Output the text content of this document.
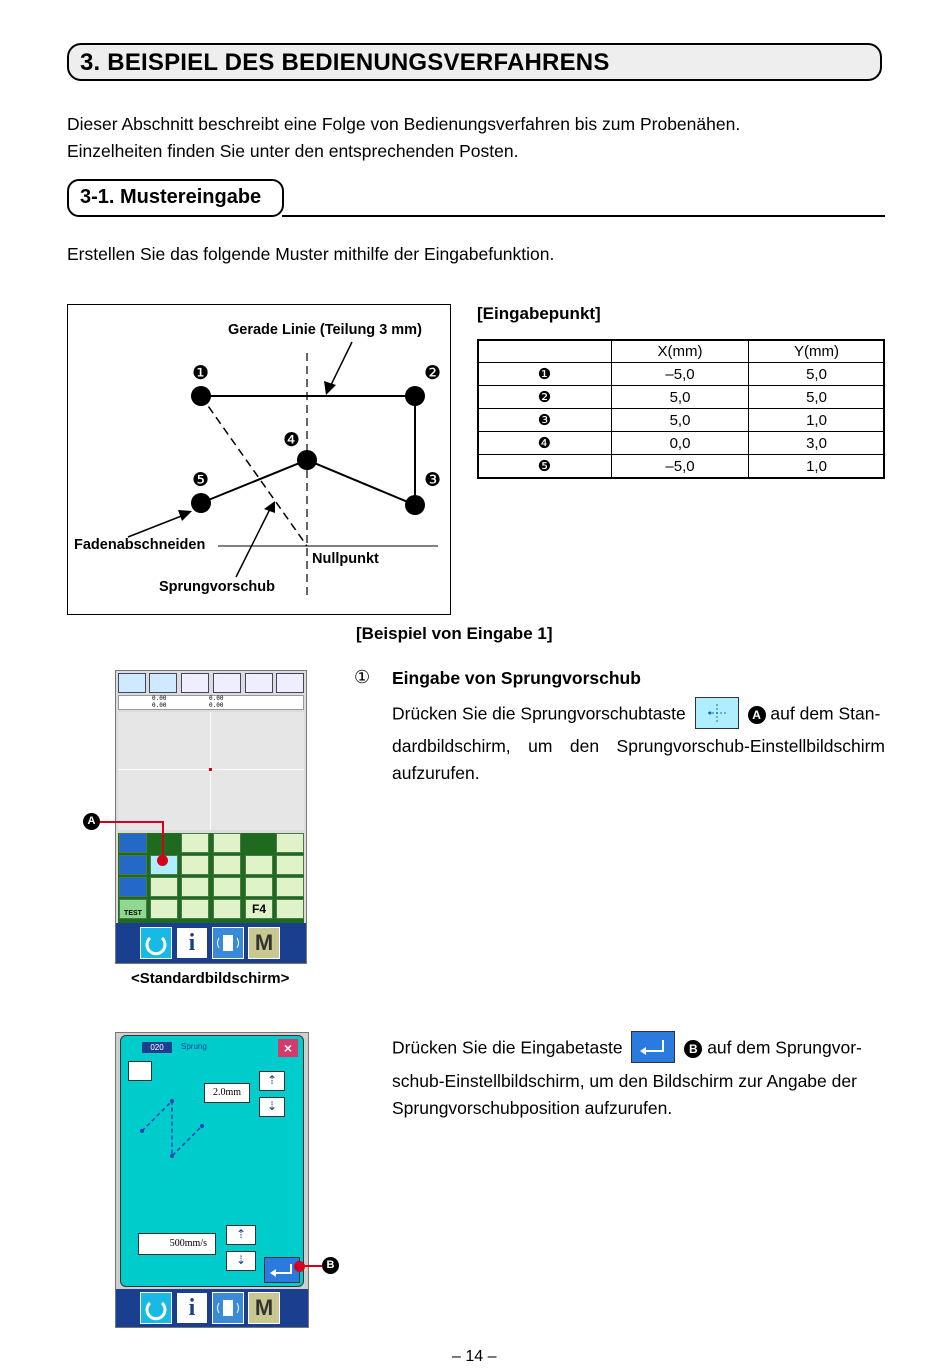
3. BEISPIEL DES BEDIENUNGSVERFAHRENS
Dieser Abschnitt beschreibt eine Folge von Bedienungsverfahren bis zum Probenähen.
Einzelheiten finden Sie unter den entsprechenden Posten.
3-1. Mustereingabe
Erstellen Sie das folgende Muster mithilfe der Eingabefunktion.
Gerade Linie (Teilung 3 mm)
Fadenabschneiden
Nullpunkt
Sprungvorschub
❶	❷
❸
❹
❺
[Eingabepunkt]
	X(mm)	Y(mm)
❶	–5,0	5,0
❷	5,0	5,0
❸	5,0	1,0
❹	0,0	3,0
❺	–5,0	1,0
[Beispiel von Eingabe 1]
① Eingabe von Sprungvorschub
Drücken Sie die Sprungvorschubtaste	A auf dem Stan-
dardbildschirm, um den Sprungvorschub-Einstellbildschirm
aufzurufen.
0.00
0.00
0.00
0.00
TEST	F4
i	M
A
<Standardbildschirm>
Drücken Sie die Eingabetaste	B auf dem Sprungvor-
schub-Einstellbildschirm, um den Bildschirm zur Angabe der
Sprungvorschubposition aufzurufen.
020	Sprung	×
2.0mm
⇡
⇣
500mm/s
⇡
⇣
i	M
B
– 14 –
